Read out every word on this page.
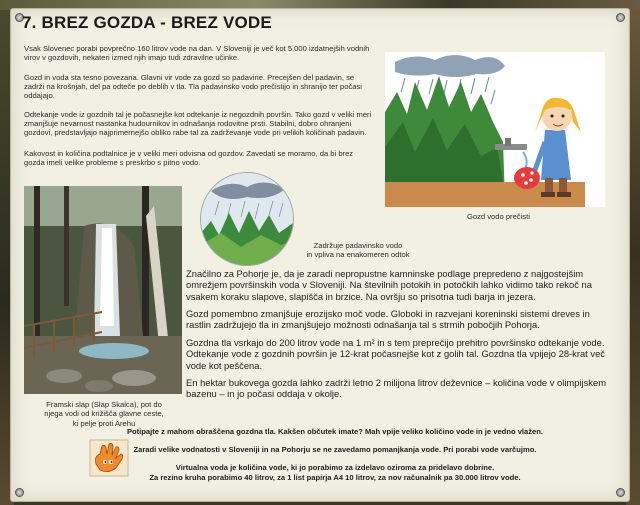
7. BREZ GOZDA - BREZ VODE

Vsak Slovenec porabi povprečno 160 litrov vode na dan. V Sloveniji je več kot 5.000 izdatnejših vodnih virov v gozdovih, nekateri izmed njih imajo tudi zdravilne učinke.

Gozd in voda sta tesno povezana. Glavni vir vode za gozd so padavine. Precejšen del padavin, se zadrži na krošnjah, del pa odteče po deblih v tla. Tla padavinsko vodo prečistijo in shranijo ter počasi oddajajo.

Odtekanje vode iz gozdnih tal je počasnejše kot odtekanje iz negozdnih površin. Tako gozd v veliki meri zmanjšuje nevarnost nastanka hudournikov in odnašanja rodovitne prsti. Stabilni, dobro ohranjeni gozdovi, predstavljajo najprimernejšo obliko rabe tal za zadrževanje vode pri velikih količinah padavin.

Kakovost in količina podtalnice je v veliki meri odvisna od gozdov. Zavedati se moramo, da bi brez gozda imeli velike probleme s preskrbo s pitno vodo.

Gozd vodo prečisti

Zadržuje padavinsko vodo
in vpliva na enakomeren odtok

Framski slap (Slap Skalca), pot do
njega vodi od križišča glavne ceste,
ki pelje proti Arehu

Značilno za Pohorje je, da je zaradi nepropustne kamninske podlage prepredeno z najgostejšim omrežjem površinskih voda v Sloveniji. Na številnih potokih in potočkih lahko vidimo tako rekoč na vsakem koraku slapove, slapišča in brzice. Na ovršju so prisotna tudi barja in jezera.

Gozd pomembno zmanjšuje erozijsko moč vode. Globoki in razvejani koreninski sistemi dreves in rastlin zadržujejo tla in zmanjšujejo možnosti odnašanja tal s strmih pobočjih Pohorja.

Gozdna tla vsrkajo do 200 litrov vode na 1 m² in s tem preprečijo prehitro površinsko odtekanje vode. Odtekanje vode z gozdnih površin je 12-krat počasnejše kot z golih tal. Gozdna tla vpijejo 28-krat več vode kot peščena.

En hektar bukovega gozda lahko zadrži letno 2 milijona litrov deževnice – količina vode v olimpijskem bazenu – in jo počasi oddaja v okolje.

Potipajte z mahom obraščena gozdna tla. Kakšen občutek imate? Mah vpije veliko količino vode in je vedno vlažen.

Zaradi velike vodnatosti v Sloveniji in na Pohorju se ne zavedamo pomanjkanja vode. Pri porabi vode varčujmo.

Virtualna voda je količina vode, ki jo porabimo za izdelavo oziroma za pridelavo dobrine.

Za rezino kruha porabimo 40 litrov, za 1 list papirja A4 10 litrov, za nov računalnik pa 30.000 litrov vode.
